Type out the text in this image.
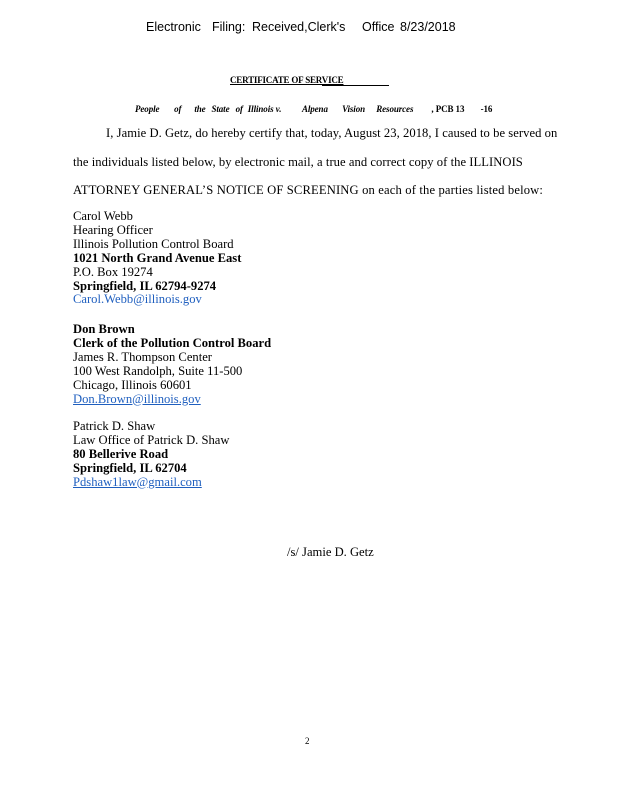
Electronic Filing: Received,Clerk's	Office 8/23/2018
CERTIFICATE OF SERVICE
People of the State of Illinois v. Alpena Vision Resources , PCB 13 -16
I, Jamie D. Getz, do hereby certify that, today, August 23, 2018, I caused to be served on
the individuals listed below, by electronic mail, a true and correct copy of the ILLINOIS
ATTORNEY GENERAL’S NOTICE OF SCREENING on each of the parties listed below:
Carol Webb
Hearing Officer
Illinois Pollution Control Board
1021 North Grand Avenue East
P.O. Box 19274
Springfield, IL 62794-9274
Carol.Webb@illinois.gov
Don Brown
Clerk of the Pollution Control Board
James R. Thompson Center
100 West Randolph, Suite 11-500
Chicago, Illinois 60601
Don.Brown@illinois.gov
Patrick D. Shaw
Law Office of Patrick D. Shaw
80 Bellerive Road
Springfield, IL 62704
Pdshaw1law@gmail.com
/s/ Jamie D. Getz
2
